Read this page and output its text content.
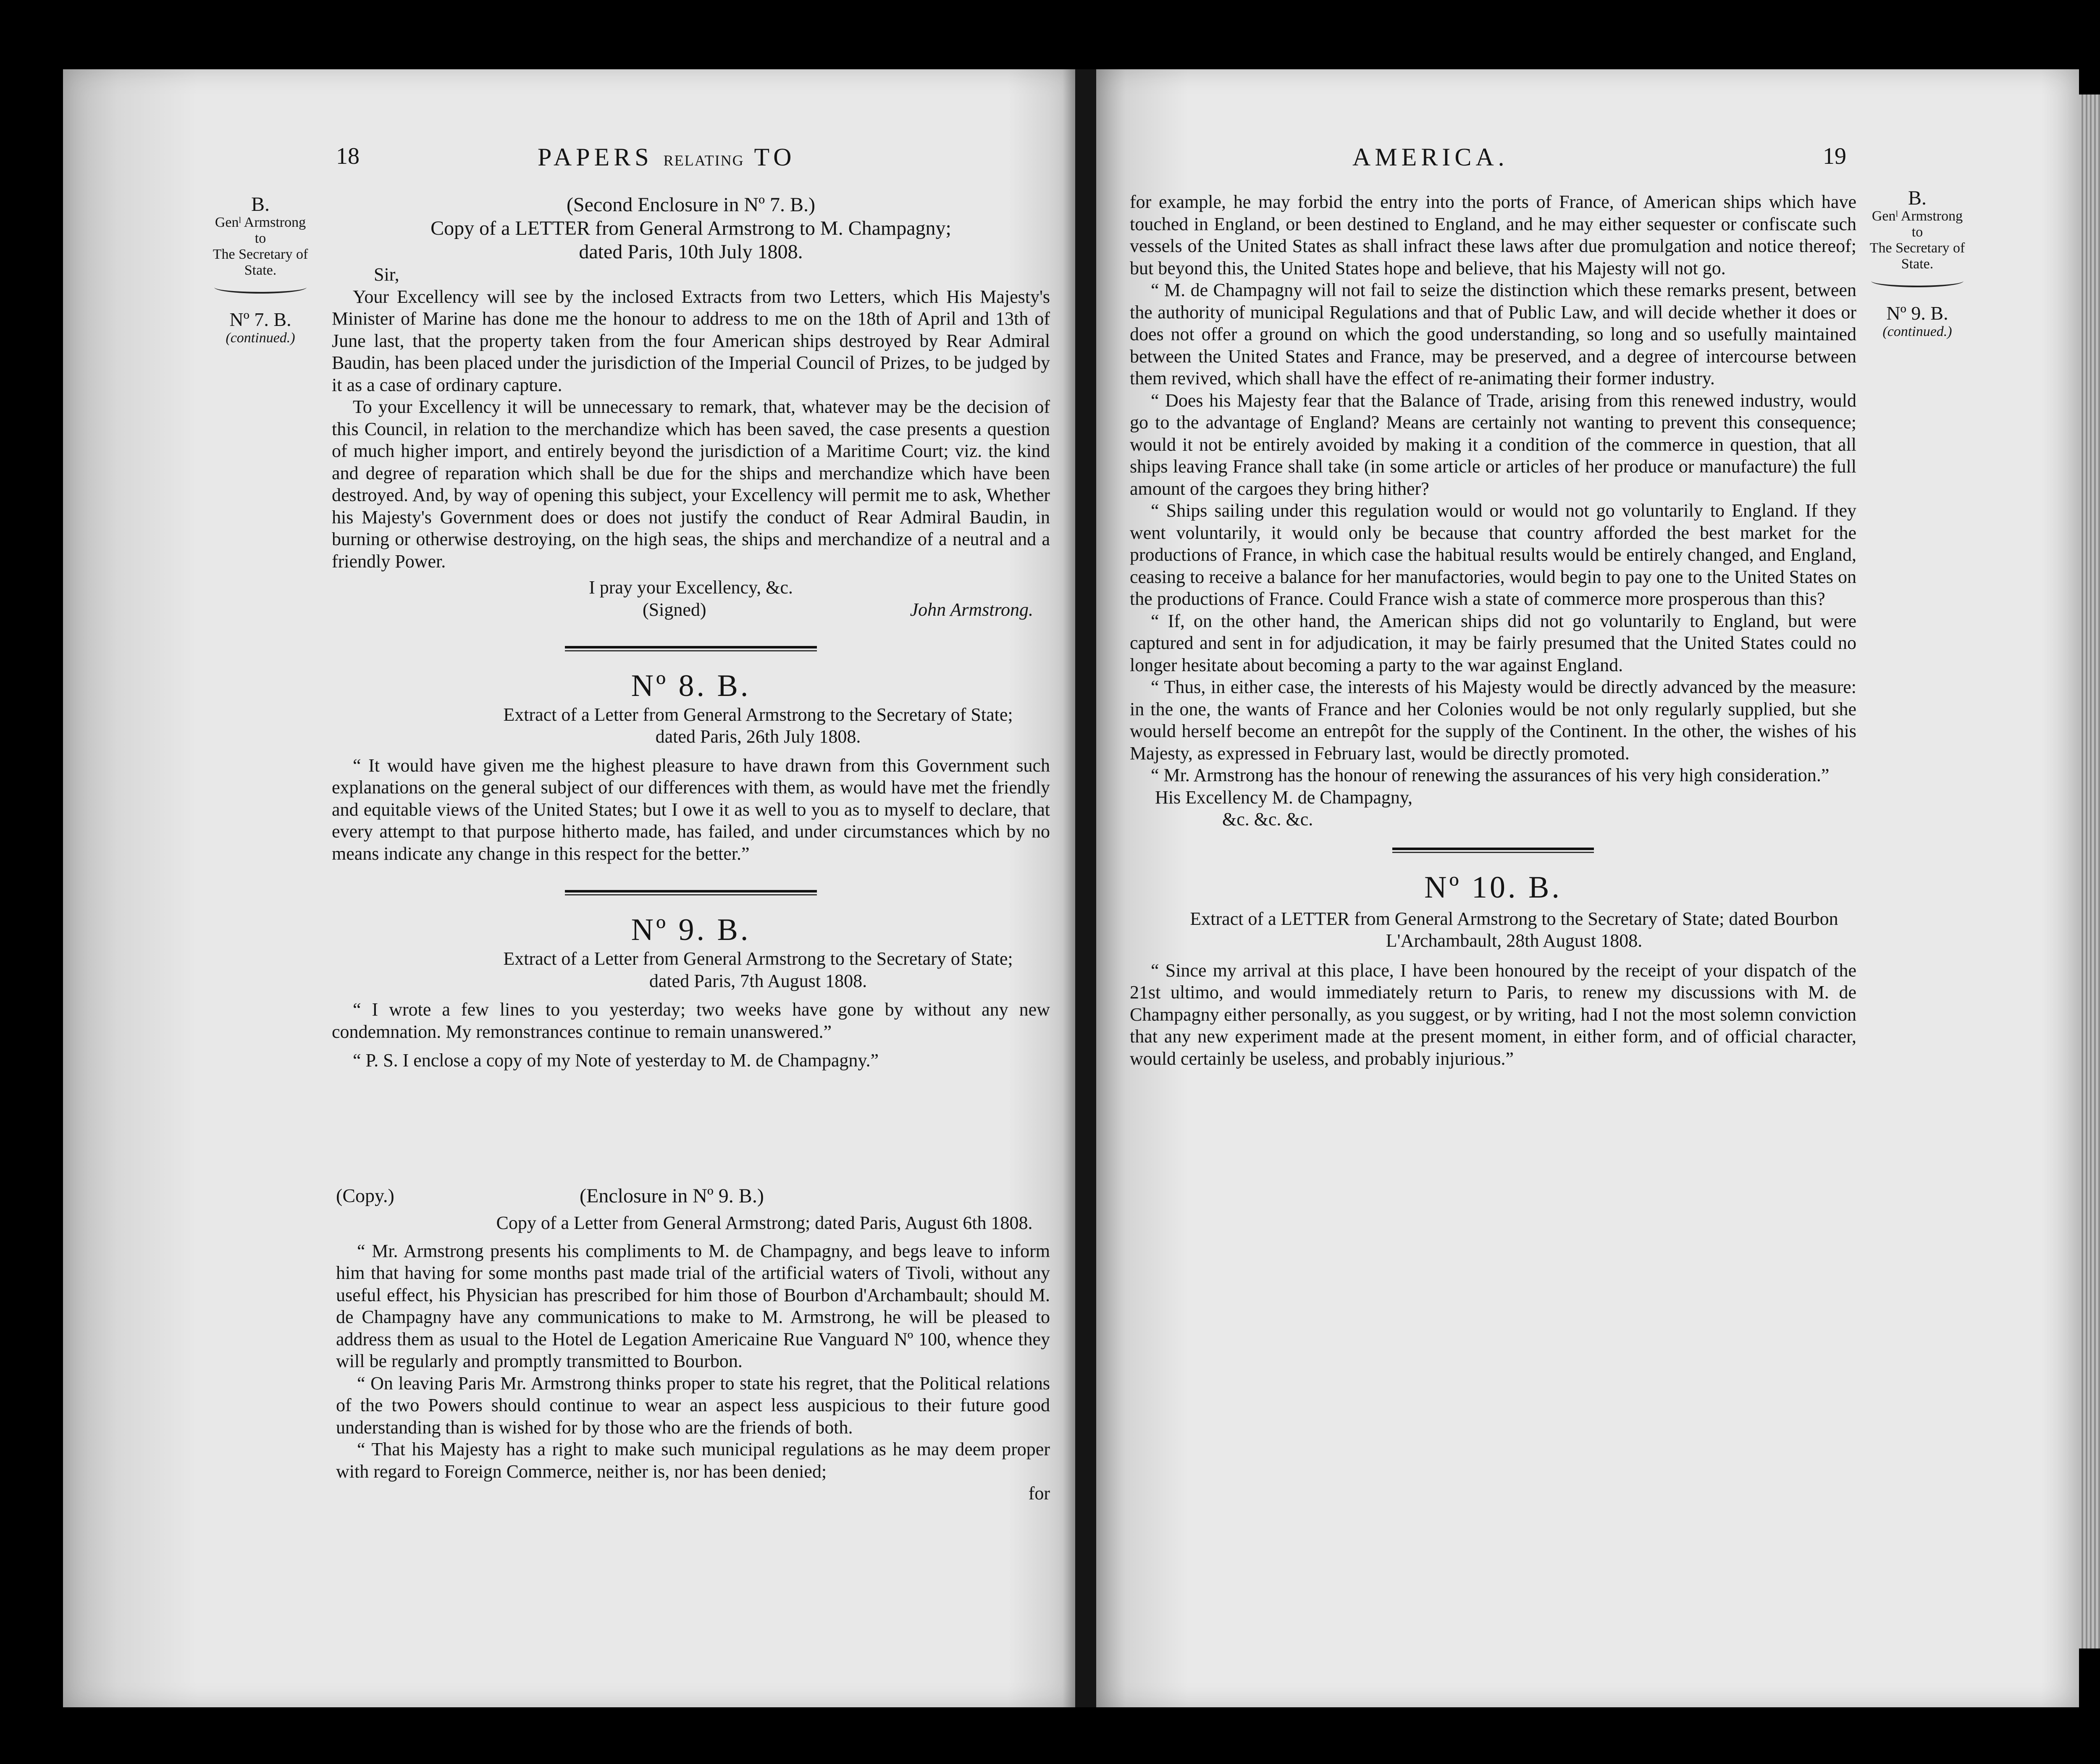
18	PAPERS RELATING TO
B.
Genˡ Armstrong
to
The Secretary of
State.
Nº 7. B.
(continued.)

(Second Enclosure in Nº 7. B.)

Copy of a LETTER from General Armstrong to M. Champagny;

dated Paris, 10th July 1808.

Sir,

Your Excellency will see by the inclosed Extracts from two Letters, which His Majesty's Minister of Marine has done me the honour to address to me on the 18th of April and 13th of June last, that the property taken from the four American ships destroyed by Rear Admiral Baudin, has been placed under the jurisdiction of the Imperial Council of Prizes, to be judged by it as a case of ordinary capture.

To your Excellency it will be unnecessary to remark, that, whatever may be the decision of this Council, in relation to the merchandize which has been saved, the case presents a question of much higher import, and entirely beyond the jurisdiction of a Maritime Court; viz. the kind and degree of reparation which shall be due for the ships and merchandize which have been destroyed. And, by way of opening this subject, your Excellency will permit me to ask, Whether his Majesty's Government does or does not justify the conduct of Rear Admiral Baudin, in burning or otherwise destroying, on the high seas, the ships and merchandize of a neutral and a friendly Power.

I pray your Excellency, &c.

(Signed)	John Armstrong.

Nº 8. B.

Extract of a Letter from General Armstrong to the Secretary of State; dated Paris, 26th July 1808.

“ It would have given me the highest pleasure to have drawn from this Government such explanations on the general subject of our differences with them, as would have met the friendly and equitable views of the United States; but I owe it as well to you as to myself to declare, that every attempt to that purpose hitherto made, has failed, and under circumstances which by no means indicate any change in this respect for the better.”

Nº 9. B.

Extract of a Letter from General Armstrong to the Secretary of State; dated Paris, 7th August 1808.

“ I wrote a few lines to you yesterday; two weeks have gone by without any new condemnation. My remonstrances continue to remain unanswered.”

“ P. S. I enclose a copy of my Note of yesterday to M. de Champagny.”

(Copy.)	(Enclosure in Nº 9. B.)

Copy of a Letter from General Armstrong; dated Paris, August 6th 1808.

“ Mr. Armstrong presents his compliments to M. de Champagny, and begs leave to inform him that having for some months past made trial of the artificial waters of Tivoli, without any useful effect, his Physician has prescribed for him those of Bourbon d'Archambault; should M. de Champagny have any communications to make to M. Armstrong, he will be pleased to address them as usual to the Hotel de Legation Americaine Rue Vanguard Nº 100, whence they will be regularly and promptly transmitted to Bourbon.

“ On leaving Paris Mr. Armstrong thinks proper to state his regret, that the Political relations of the two Powers should continue to wear an aspect less auspicious to their future good understanding than is wished for by those who are the friends of both.

“ That his Majesty has a right to make such municipal regulations as he may deem proper with regard to Foreign Commerce, neither is, nor has been denied;

for

AMERICA.	19
B.
Genˡ Armstrong
to
The Secretary of
State.
Nº 9. B.
(continued.)

for example, he may forbid the entry into the ports of France, of American ships which have touched in England, or been destined to England, and he may either sequester or confiscate such vessels of the United States as shall infract these laws after due promulgation and notice thereof; but beyond this, the United States hope and believe, that his Majesty will not go.

“ M. de Champagny will not fail to seize the distinction which these remarks present, between the authority of municipal Regulations and that of Public Law, and will decide whether it does or does not offer a ground on which the good understanding, so long and so usefully maintained between the United States and France, may be preserved, and a degree of intercourse between them revived, which shall have the effect of re-animating their former industry.

“ Does his Majesty fear that the Balance of Trade, arising from this renewed industry, would go to the advantage of England? Means are certainly not wanting to prevent this consequence; would it not be entirely avoided by making it a condition of the commerce in question, that all ships leaving France shall take (in some article or articles of her produce or manufacture) the full amount of the cargoes they bring hither?

“ Ships sailing under this regulation would or would not go voluntarily to England. If they went voluntarily, it would only be because that country afforded the best market for the productions of France, in which case the habitual results would be entirely changed, and England, ceasing to receive a balance for her manufactories, would begin to pay one to the United States on the productions of France. Could France wish a state of commerce more prosperous than this?

“ If, on the other hand, the American ships did not go voluntarily to England, but were captured and sent in for adjudication, it may be fairly presumed that the United States could no longer hesitate about becoming a party to the war against England.

“ Thus, in either case, the interests of his Majesty would be directly advanced by the measure: in the one, the wants of France and her Colonies would be not only regularly supplied, but she would herself become an entrepôt for the supply of the Continent. In the other, the wishes of his Majesty, as expressed in February last, would be directly promoted.

“ Mr. Armstrong has the honour of renewing the assurances of his very high consideration.”

His Excellency M. de Champagny,

&c. &c. &c.

Nº 10. B.

Extract of a LETTER from General Armstrong to the Secretary of State; dated Bourbon L'Archambault, 28th August 1808.

“ Since my arrival at this place, I have been honoured by the receipt of your dispatch of the 21st ultimo, and would immediately return to Paris, to renew my discussions with M. de Champagny either personally, as you suggest, or by writing, had I not the most solemn conviction that any new experiment made at the present moment, in either form, and of official character, would certainly be useless, and probably injurious.”
